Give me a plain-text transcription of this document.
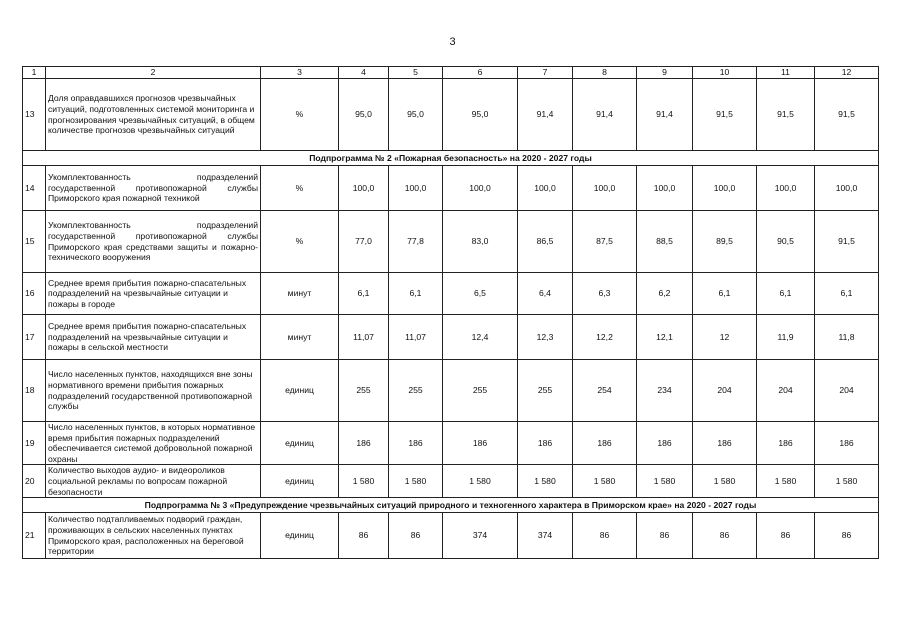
3
1	2	3	4	5	6	7	8	9	10	11	12
13	Доля оправдавшихся прогнозов чрезвычайных ситуаций, подготовленных системой мониторинга и прогнозирования чрезвычайных ситуаций, в общем количестве прогнозов чрезвычайных ситуаций	%	95,0	95,0	95,0	91,4	91,4	91,4	91,5	91,5	91,5
Подпрограмма № 2 «Пожарная безопасность» на 2020 - 2027 годы											
14	Укомплектованность подразделений государственной противопожарной службы Приморского края пожарной техникой	%	100,0	100,0	100,0	100,0	100,0	100,0	100,0	100,0	100,0
15	Укомплектованность подразделений государственной противопожарной службы Приморского края средствами защиты и пожарно-технического вооружения	%	77,0	77,8	83,0	86,5	87,5	88,5	89,5	90,5	91,5
16	Среднее время прибытия пожарно-спасательных подразделений на чрезвычайные ситуации и пожары в городе	минут	6,1	6,1	6,5	6,4	6,3	6,2	6,1	6,1	6,1
17	Среднее время прибытия пожарно-спасательных подразделений на чрезвычайные ситуации и пожары в сельской местности	минут	11,07	11,07	12,4	12,3	12,2	12,1	12	11,9	11,8
18	Число населенных пунктов, находящихся вне зоны нормативного времени прибытия пожарных подразделений государственной противопожарной службы	единиц	255	255	255	255	254	234	204	204	204
19	Число населенных пунктов, в которых нормативное время прибытия пожарных подразделений обеспечивается системой добровольной пожарной охраны	единиц	186	186	186	186	186	186	186	186	186
20	Количество выходов аудио- и видеороликов социальной рекламы по вопросам пожарной безопасности	единиц	1 580	1 580	1 580	1 580	1 580	1 580	1 580	1 580	1 580
Подпрограмма № 3 «Предупреждение чрезвычайных ситуаций природного и техногенного характера в Приморском крае» на 2020 - 2027 годы											
21	Количество подтапливаемых подворий граждан, проживающих в сельских населенных пунктах Приморского края, расположенных на береговой территории	единиц	86	86	374	374	86	86	86	86	86
